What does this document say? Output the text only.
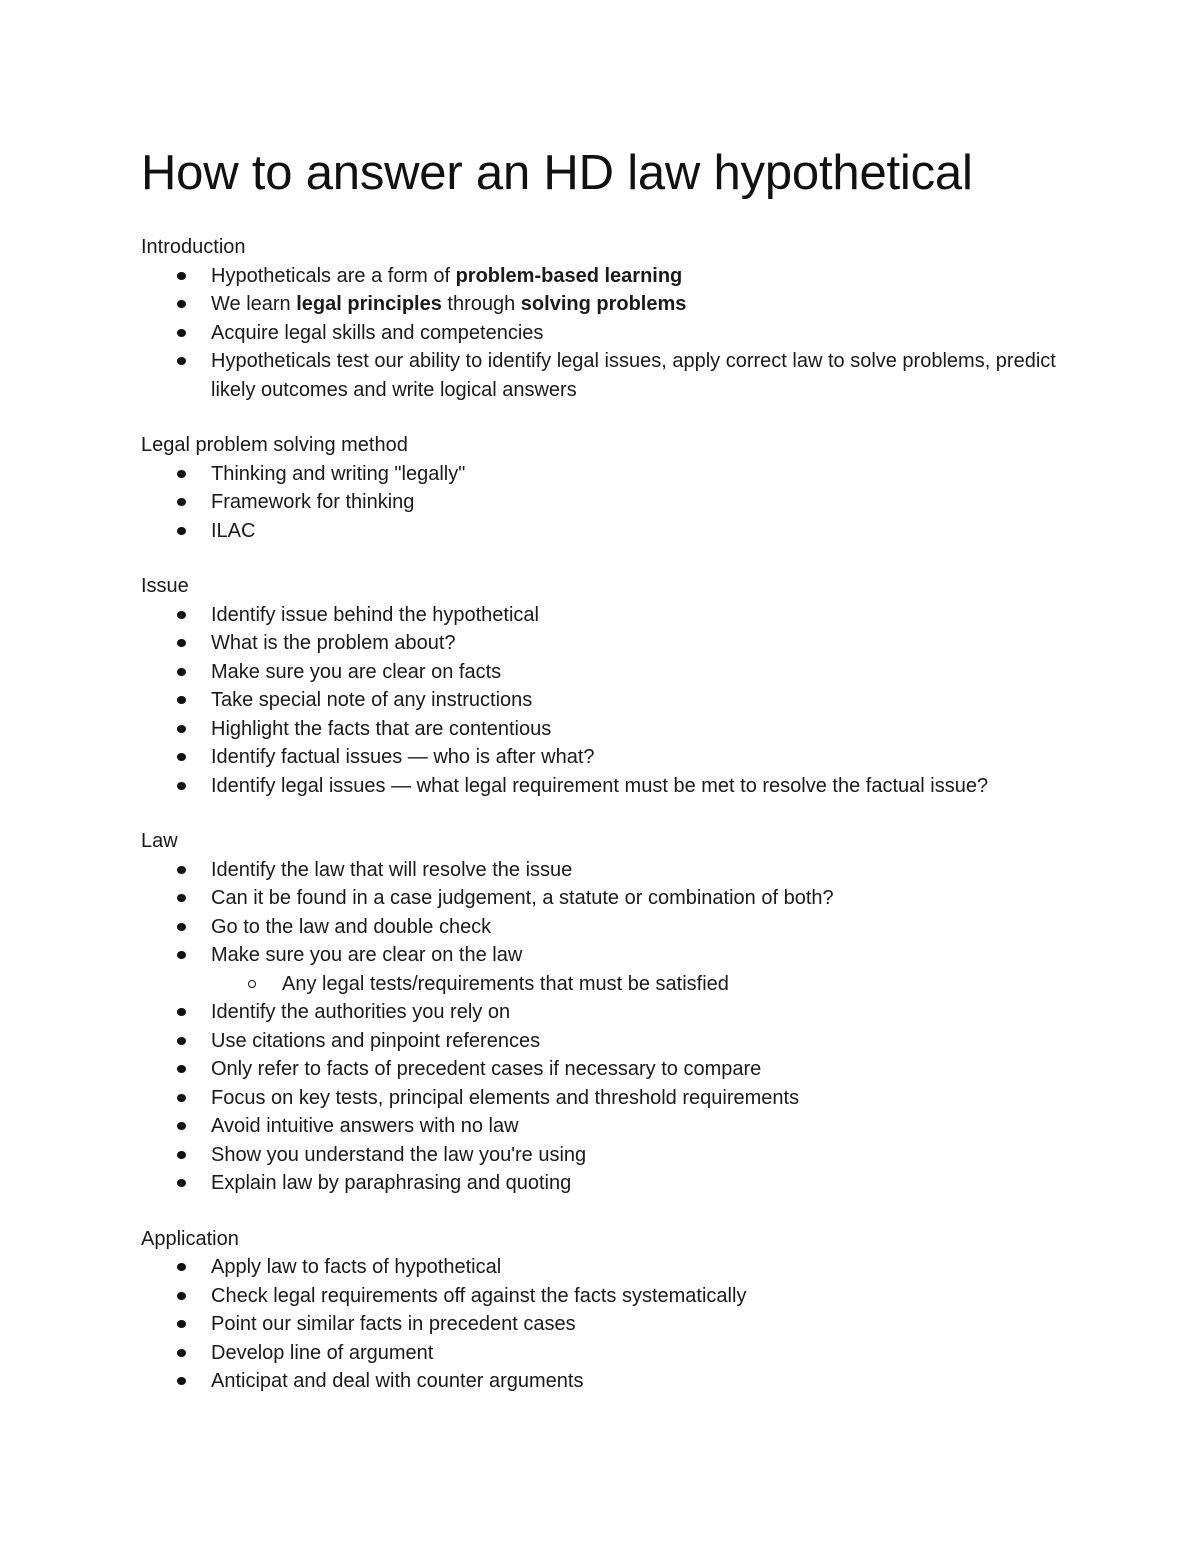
How to answer an HD law hypothetical

Introduction

Hypotheticals are a form of problem-based learning
We learn legal principles through solving problems
Acquire legal skills and competencies
Hypotheticals test our ability to identify legal issues, apply correct law to solve problems, predict likely outcomes and write logical answers

Legal problem solving method

Thinking and writing "legally"
Framework for thinking
ILAC

Issue

Identify issue behind the hypothetical
What is the problem about?
Make sure you are clear on facts
Take special note of any instructions
Highlight the facts that are contentious
Identify factual issues — who is after what?
Identify legal issues — what legal requirement must be met to resolve the factual issue?

Law

Identify the law that will resolve the issue
Can it be found in a case judgement, a statute or combination of both?
Go to the law and double check
Make sure you are clear on the law
Any legal tests/requirements that must be satisfied
Identify the authorities you rely on
Use citations and pinpoint references
Only refer to facts of precedent cases if necessary to compare
Focus on key tests, principal elements and threshold requirements
Avoid intuitive answers with no law
Show you understand the law you're using
Explain law by paraphrasing and quoting

Application

Apply law to facts of hypothetical
Check legal requirements off against the facts systematically
Point our similar facts in precedent cases
Develop line of argument
Anticipat and deal with counter arguments
